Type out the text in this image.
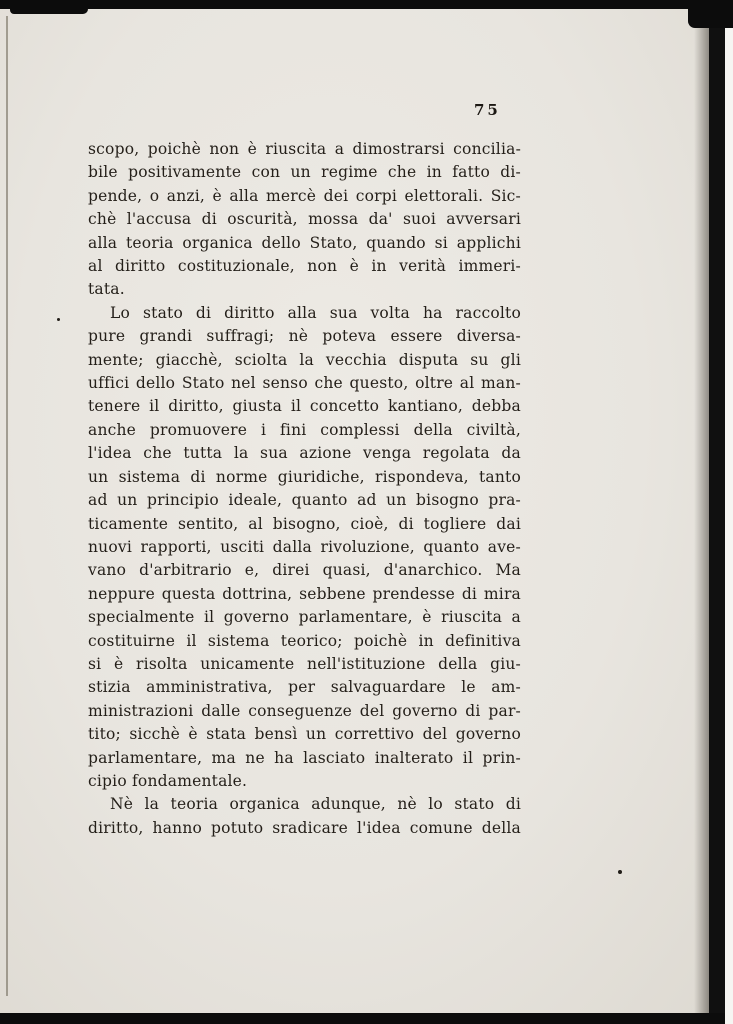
75
scopo, poichè non è riuscita a dimostrarsi concilia-
bile positivamente con un regime che in fatto di-
pende, o anzi, è alla mercè dei corpi elettorali. Sic-
chè l'accusa di oscurità, mossa da' suoi avversari
alla teoria organica dello Stato, quando si applichi
al diritto costituzionale, non è in verità immeri-
tata.
Lo stato di diritto alla sua volta ha raccolto
pure grandi suffragi; nè poteva essere diversa-
mente; giacchè, sciolta la vecchia disputa su gli
uffici dello Stato nel senso che questo, oltre al man-
tenere il diritto, giusta il concetto kantiano, debba
anche promuovere i fini complessi della civiltà,
l'idea che tutta la sua azione venga regolata da
un sistema di norme giuridiche, rispondeva, tanto
ad un principio ideale, quanto ad un bisogno pra-
ticamente sentito, al bisogno, cioè, di togliere dai
nuovi rapporti, usciti dalla rivoluzione, quanto ave-
vano d'arbitrario e, direi quasi, d'anarchico. Ma
neppure questa dottrina, sebbene prendesse di mira
specialmente il governo parlamentare, è riuscita a
costituirne il sistema teorico; poichè in definitiva
si è risolta unicamente nell'istituzione della giu-
stizia amministrativa, per salvaguardare le am-
ministrazioni dalle conseguenze del governo di par-
tito; sicchè è stata bensì un correttivo del governo
parlamentare, ma ne ha lasciato inalterato il prin-
cipio fondamentale.
Nè la teoria organica adunque, nè lo stato di
diritto, hanno potuto sradicare l'idea comune della
